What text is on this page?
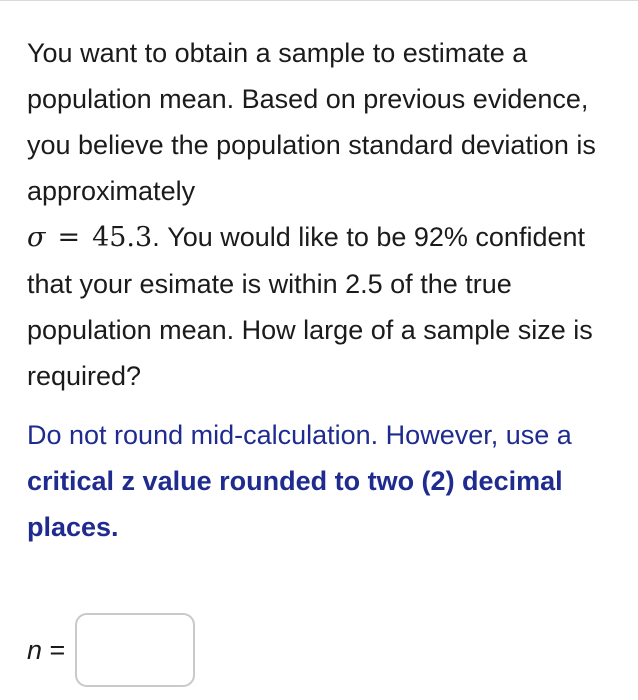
You want to obtain a sample to estimate a population mean. Based on previous evidence, you believe the population standard deviation is approximately
σ = 45.3. You would like to be 92% confident that your esimate is within 2.5 of the true population mean. How large of a sample size is required?

Do not round mid-calculation. However, use a critical z value rounded to two (2) decimal places.

n =
